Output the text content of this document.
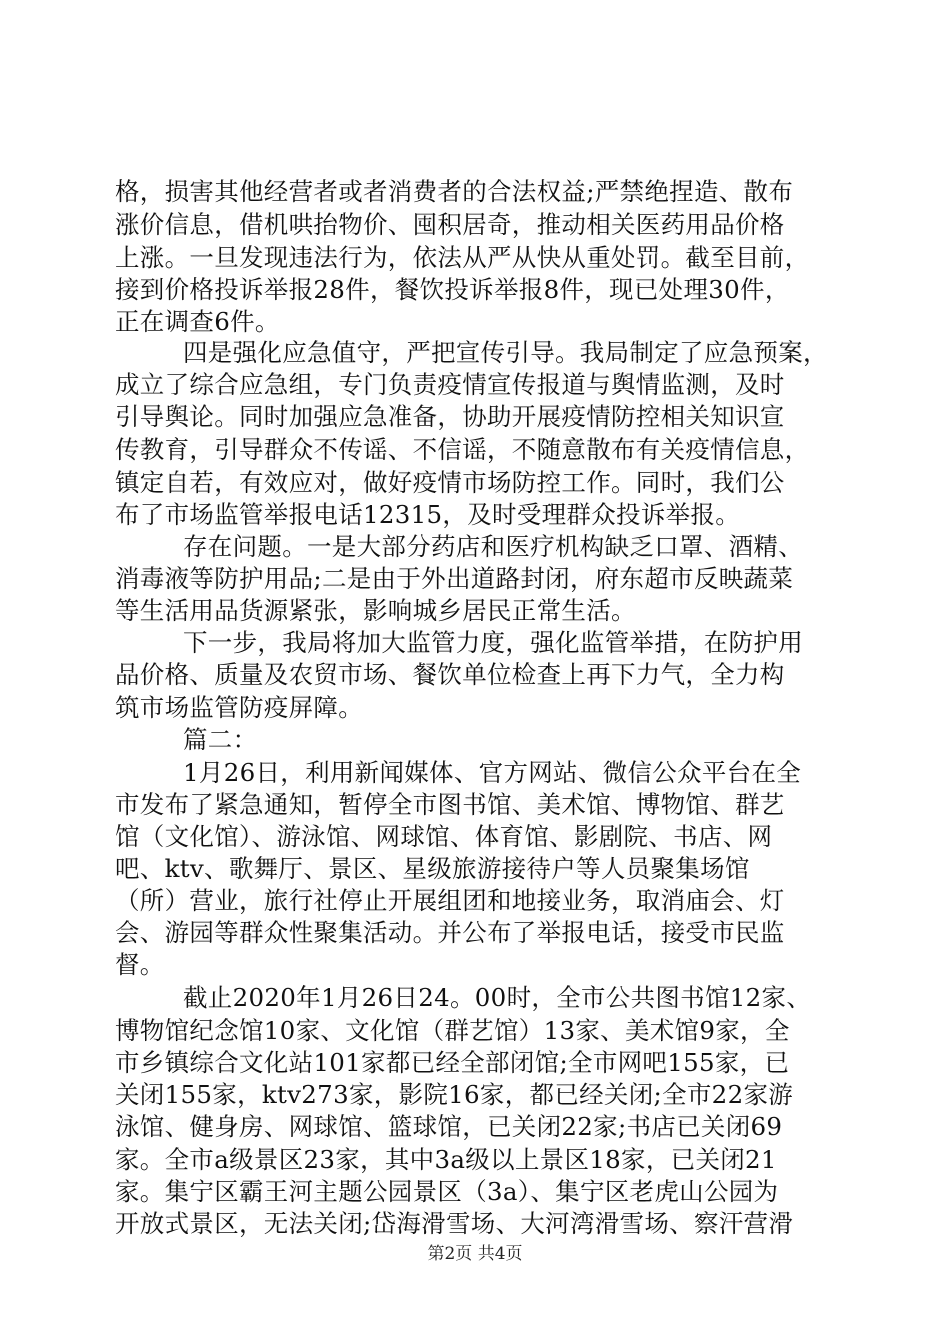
格，损害其他经营者或者消费者的合法权益;严禁绝捏造、散布
涨价信息，借机哄抬物价、囤积居奇，推动相关医药用品价格
上涨。一旦发现违法行为，依法从严从快从重处罚。截至目前，
接到价格投诉举报28件，餐饮投诉举报8件，现已处理30件，
正在调查6件。
四是强化应急值守，严把宣传引导。我局制定了应急预案，
成立了综合应急组，专门负责疫情宣传报道与舆情监测，及时
引导舆论。同时加强应急准备，协助开展疫情防控相关知识宣
传教育，引导群众不传谣、不信谣，不随意散布有关疫情信息，
镇定自若，有效应对，做好疫情市场防控工作。同时，我们公
布了市场监管举报电话12315，及时受理群众投诉举报。
存在问题。一是大部分药店和医疗机构缺乏口罩、酒精、
消毒液等防护用品;二是由于外出道路封闭，府东超市反映蔬菜
等生活用品货源紧张，影响城乡居民正常生活。
下一步，我局将加大监管力度，强化监管举措，在防护用
品价格、质量及农贸市场、餐饮单位检查上再下力气，全力构
筑市场监管防疫屏障。
篇二：
1月26日，利用新闻媒体、官方网站、微信公众平台在全
市发布了紧急通知，暂停全市图书馆、美术馆、博物馆、群艺
馆（文化馆）、游泳馆、网球馆、体育馆、影剧院、书店、网
吧、ktv、歌舞厅、景区、星级旅游接待户等人员聚集场馆
（所）营业，旅行社停止开展组团和地接业务，取消庙会、灯
会、游园等群众性聚集活动。并公布了举报电话，接受市民监
督。
截止2020年1月26日24。00时，全市公共图书馆12家、
博物馆纪念馆10家、文化馆（群艺馆）13家、美术馆9家，全
市乡镇综合文化站101家都已经全部闭馆;全市网吧155家，已
关闭155家，ktv273家，影院16家，都已经关闭;全市22家游
泳馆、健身房、网球馆、篮球馆，已关闭22家;书店已关闭69
家。全市a级景区23家，其中3a级以上景区18家，已关闭21
家。集宁区霸王河主题公园景区（3a）、集宁区老虎山公园为
开放式景区，无法关闭;岱海滑雪场、大河湾滑雪场、察汗营滑
第2页 共4页
